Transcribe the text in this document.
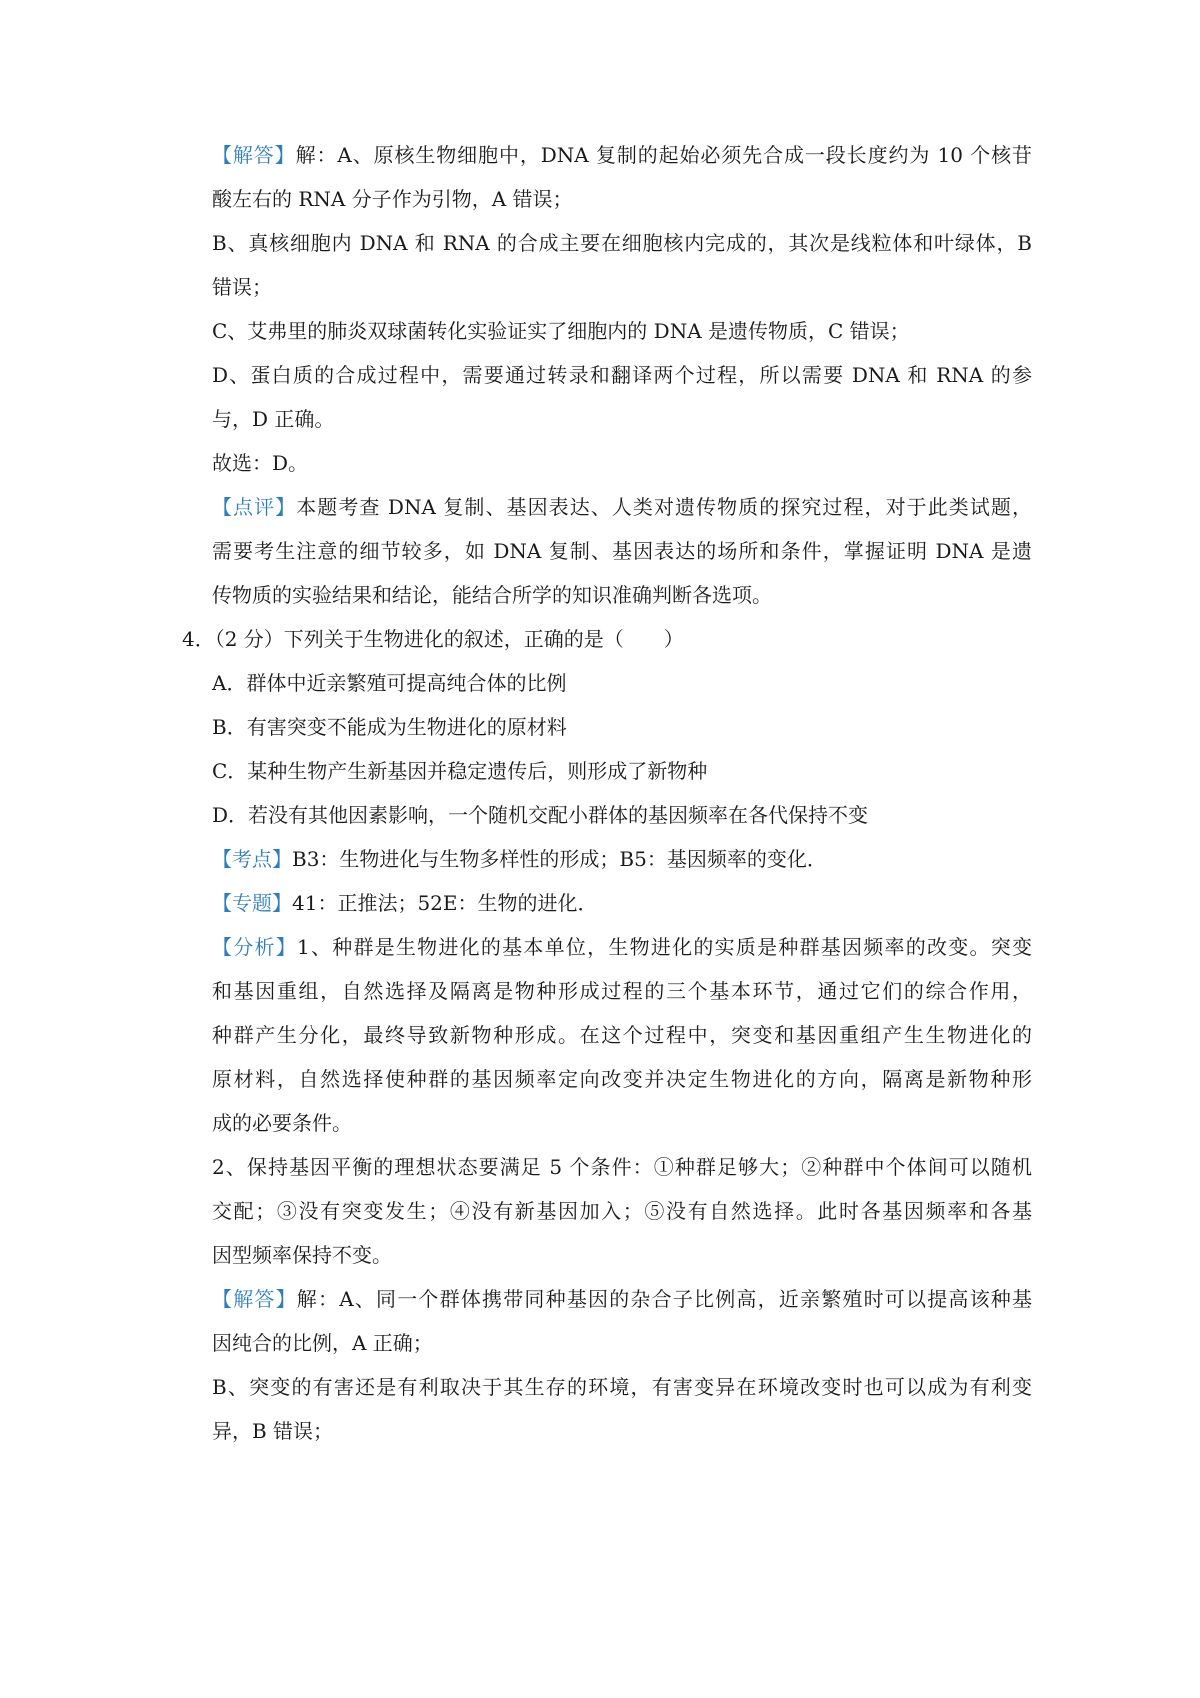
【解答】解：A、原核生物细胞中，DNA 复制的起始必须先合成一段长度约为 10 个核苷
酸左右的 RNA 分子作为引物，A 错误；
B、真核细胞内 DNA 和 RNA 的合成主要在细胞核内完成的，其次是线粒体和叶绿体，B
错误；
C、艾弗里的肺炎双球菌转化实验证实了细胞内的 DNA 是遗传物质，C 错误；
D、蛋白质的合成过程中，需要通过转录和翻译两个过程，所以需要 DNA 和 RNA 的参
与，D 正确。
故选：D。
【点评】本题考查 DNA 复制、基因表达、人类对遗传物质的探究过程，对于此类试题，
需要考生注意的细节较多，如 DNA 复制、基因表达的场所和条件，掌握证明 DNA 是遗
传物质的实验结果和结论，能结合所学的知识准确判断各选项。
4．（2 分）下列关于生物进化的叙述，正确的是（　　）
A．群体中近亲繁殖可提高纯合体的比例
B．有害突变不能成为生物进化的原材料
C．某种生物产生新基因并稳定遗传后，则形成了新物种
D．若没有其他因素影响，一个随机交配小群体的基因频率在各代保持不变
【考点】B3：生物进化与生物多样性的形成；B5：基因频率的变化．
【专题】41：正推法；52E：生物的进化．
【分析】1、种群是生物进化的基本单位，生物进化的实质是种群基因频率的改变。突变
和基因重组，自然选择及隔离是物种形成过程的三个基本环节，通过它们的综合作用，
种群产生分化，最终导致新物种形成。在这个过程中，突变和基因重组产生生物进化的
原材料，自然选择使种群的基因频率定向改变并决定生物进化的方向，隔离是新物种形
成的必要条件。
2、保持基因平衡的理想状态要满足 5 个条件：①种群足够大；②种群中个体间可以随机
交配；③没有突变发生；④没有新基因加入；⑤没有自然选择。此时各基因频率和各基
因型频率保持不变。
【解答】解：A、同一个群体携带同种基因的杂合子比例高，近亲繁殖时可以提高该种基
因纯合的比例，A 正确；
B、突变的有害还是有利取决于其生存的环境，有害变异在环境改变时也可以成为有利变
异，B 错误；
